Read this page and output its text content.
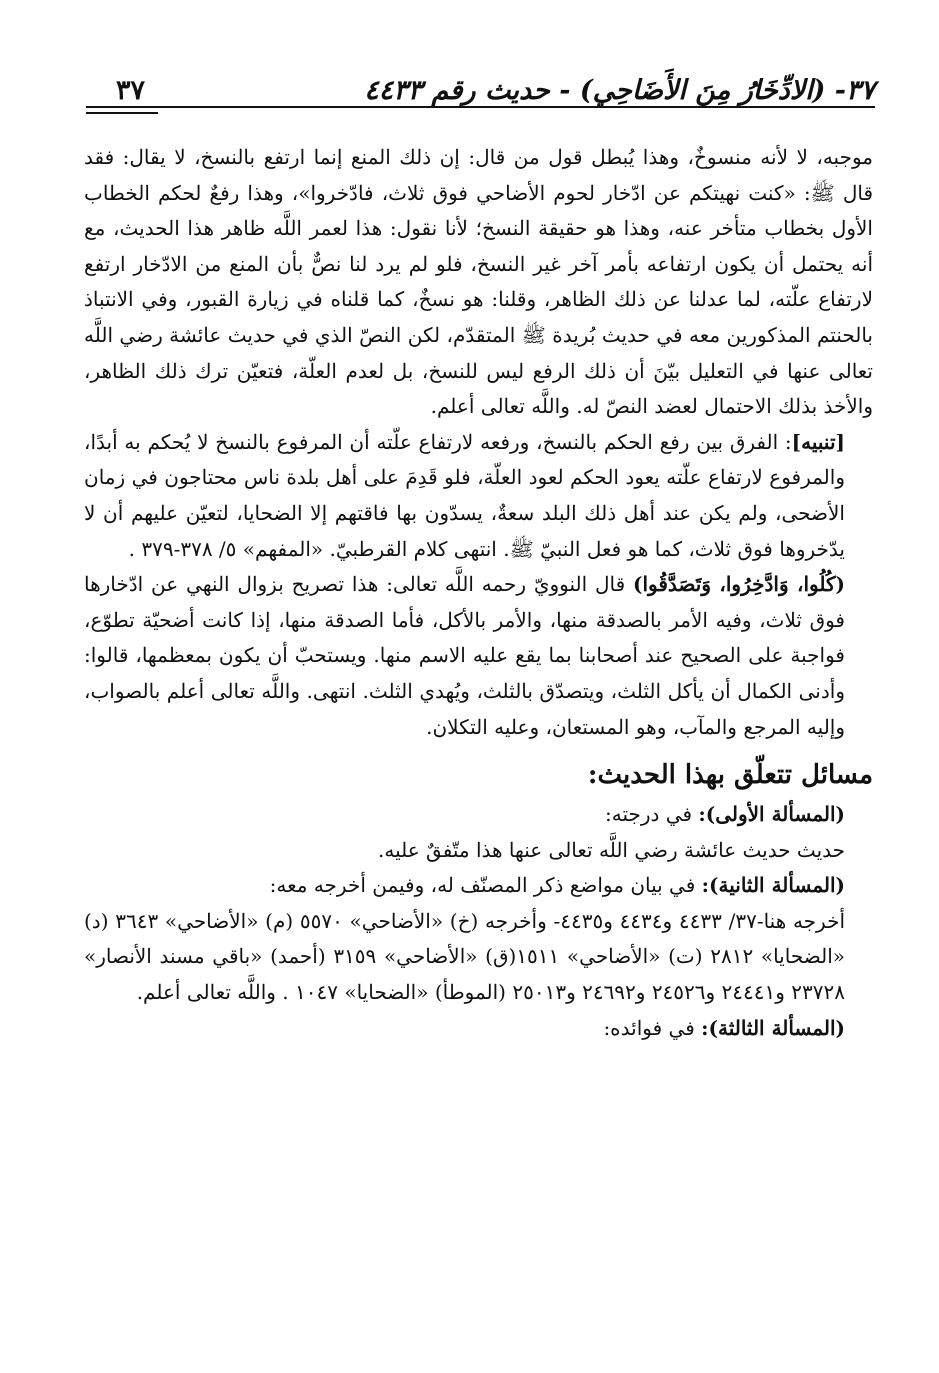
٣٧- (الادِّخَارُ مِنَ الأَضَاحِي) - حديث رقم ٤٤٣٣
٣٧

موجبه، لا لأنه منسوخٌ، وهذا يُبطل قول من قال: إن ذلك المنع إنما ارتفع بالنسخ، لا يقال: فقد قال ﷺ: «كنت نهيتكم عن ادّخار لحوم الأضاحي فوق ثلاث، فادّخروا»، وهذا رفعٌ لحكم الخطاب الأول بخطاب متأخر عنه، وهذا هو حقيقة النسخ؛ لأنا نقول: هذا لعمر اللَّه ظاهر هذا الحديث، مع أنه يحتمل أن يكون ارتفاعه بأمر آخر غير النسخ، فلو لم يرد لنا نصٌّ بأن المنع من الادّخار ارتفع لارتفاع علّته، لما عدلنا عن ذلك الظاهر، وقلنا: هو نسخٌ، كما قلناه في زيارة القبور، وفي الانتباذ بالحنتم المذكورين معه في حديث بُريدة ﷺ المتقدّم، لكن النصّ الذي في حديث عائشة رضي اللَّه تعالى عنها في التعليل بيّنَ أن ذلك الرفع ليس للنسخ، بل لعدم العلّة، فتعيّن ترك ذلك الظاهر، والأخذ بذلك الاحتمال لعضد النصّ له. واللَّه تعالى أعلم.

[تنبيه]: الفرق بين رفع الحكم بالنسخ، ورفعه لارتفاع علّته أن المرفوع بالنسخ لا يُحكم به أبدًا، والمرفوع لارتفاع علّته يعود الحكم لعود العلّة، فلو قَدِمَ على أهل بلدة ناس محتاجون في زمان الأضحى، ولم يكن عند أهل ذلك البلد سعةٌ، يسدّون بها فاقتهم إلا الضحايا، لتعيّن عليهم أن لا يدّخروها فوق ثلاث، كما هو فعل النبيّ ﷺ. انتهى كلام القرطبيّ. «المفهم» ٥/ ٣٧٨-٣٧٩ .

(كُلُوا، وَادَّخِرُوا، وَتَصَدَّقُوا) قال النوويّ رحمه اللَّه تعالى: هذا تصريح بزوال النهي عن ادّخارها فوق ثلاث، وفيه الأمر بالصدقة منها، والأمر بالأكل، فأما الصدقة منها، إذا كانت أضحيّة تطوّع، فواجبة على الصحيح عند أصحابنا بما يقع عليه الاسم منها. ويستحبّ أن يكون بمعظمها، قالوا: وأدنى الكمال أن يأكل الثلث، ويتصدّق بالثلث، ويُهدي الثلث. انتهى. واللَّه تعالى أعلم بالصواب، وإليه المرجع والمآب، وهو المستعان، وعليه التكلان.

مسائل تتعلّق بهذا الحديث:

(المسألة الأولى): في درجته:

حديث حديث عائشة رضي اللَّه تعالى عنها هذا متّفقٌ عليه.

(المسألة الثانية): في بيان مواضع ذكر المصنّف له، وفيمن أخرجه معه:

أخرجه هنا-٣٧/ ٤٤٣٣ و٤٤٣٤ و٤٤٣٥- وأخرجه (خ) «الأضاحي» ٥٥٧٠ (م) «الأضاحي» ٣٦٤٣ (د) «الضحايا» ٢٨١٢ (ت) «الأضاحي» ١٥١١(ق) «الأضاحي» ٣١٥٩ (أحمد) «باقي مسند الأنصار» ٢٣٧٢٨ و٢٤٤٤١ و٢٤٥٢٦ و٢٤٦٩٢ و٢٥٠١٣ (الموطأ) «الضحايا» ١٠٤٧ . واللَّه تعالى أعلم.

(المسألة الثالثة): في فوائده:
